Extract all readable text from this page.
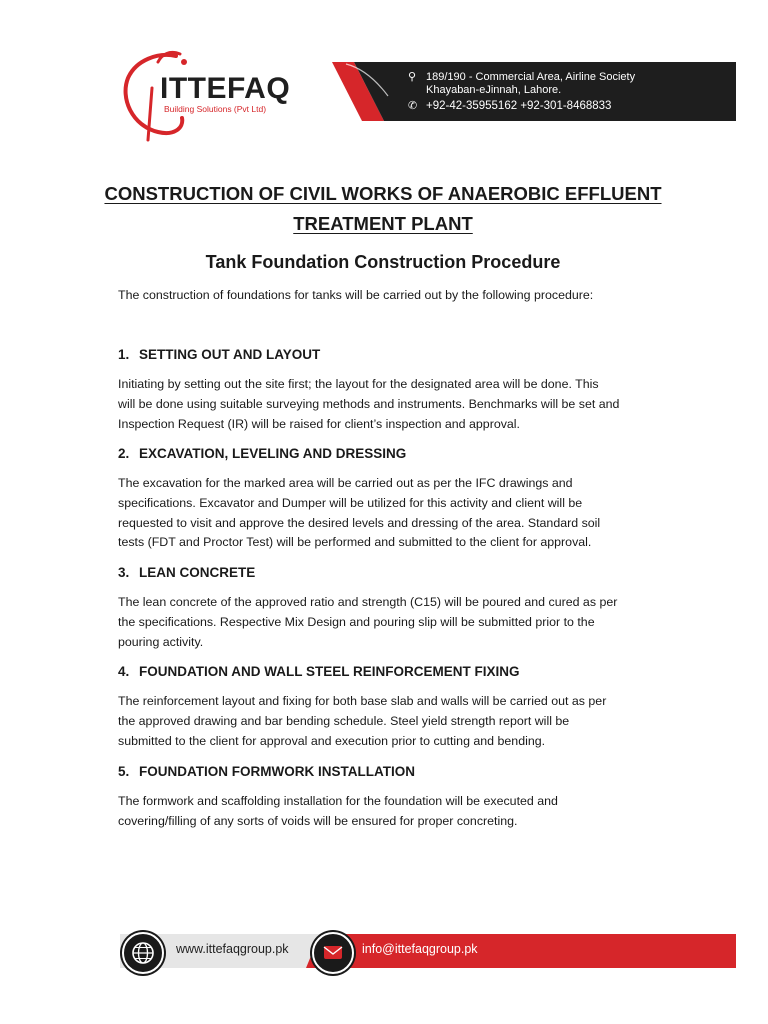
ITTEFAQ
Building Solutions (Pvt Ltd)
⚲ 189/190 - Commercial Area, Airline Society
Khayaban-eJinnah, Lahore.
✆ +92-42-35955162 +92-301-8468833
CONSTRUCTION OF CIVIL WORKS OF ANAEROBIC EFFLUENT
TREATMENT PLANT
Tank Foundation Construction Procedure

The construction of foundations for tanks will be carried out by the following procedure:

1. SETTING OUT AND LAYOUT
Initiating by setting out the site first; the layout for the designated area will be done. This
will be done using suitable surveying methods and instruments. Benchmarks will be set and
Inspection Request (IR) will be raised for client’s inspection and approval.
2. EXCAVATION, LEVELING AND DRESSING
The excavation for the marked area will be carried out as per the IFC drawings and
specifications. Excavator and Dumper will be utilized for this activity and client will be
requested to visit and approve the desired levels and dressing of the area. Standard soil
tests (FDT and Proctor Test) will be performed and submitted to the client for approval.
3. LEAN CONCRETE
The lean concrete of the approved ratio and strength (C15) will be poured and cured as per
the specifications. Respective Mix Design and pouring slip will be submitted prior to the
pouring activity.
4. FOUNDATION AND WALL STEEL REINFORCEMENT FIXING
The reinforcement layout and fixing for both base slab and walls will be carried out as per
the approved drawing and bar bending schedule. Steel yield strength report will be
submitted to the client for approval and execution prior to cutting and bending.
5. FOUNDATION FORMWORK INSTALLATION
The formwork and scaffolding installation for the foundation will be executed and
covering/filling of any sorts of voids will be ensured for proper concreting.
www.ittefaqgroup.pk	info@ittefaqgroup.pk
